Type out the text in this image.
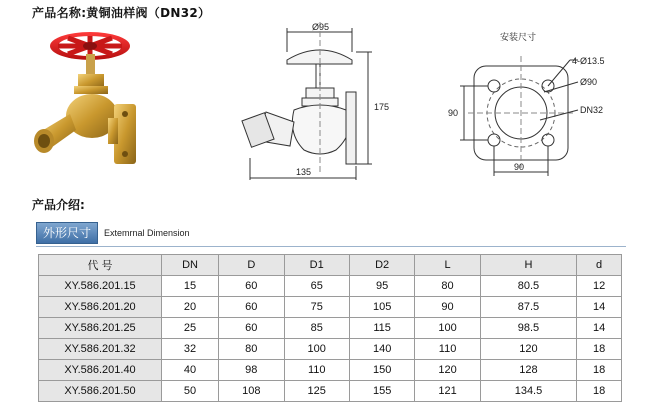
产品名称:黄铜油样阀（DN32）
Ø95
175
135
安装尺寸
4-Ø13.5
Ø90
DN32
90
90
产品介绍:
外形尺寸	Extemrnal Dimension
代 号	DN	D	D1	D2	L	H	d
XY.586.201.15	15	60	65	95	80	80.5	12
XY.586.201.20	20	60	75	105	90	87.5	14
XY.586.201.25	25	60	85	115	100	98.5	14
XY.586.201.32	32	80	100	140	110	120	18
XY.586.201.40	40	98	110	150	120	128	18
XY.586.201.50	50	108	125	155	121	134.5	18
